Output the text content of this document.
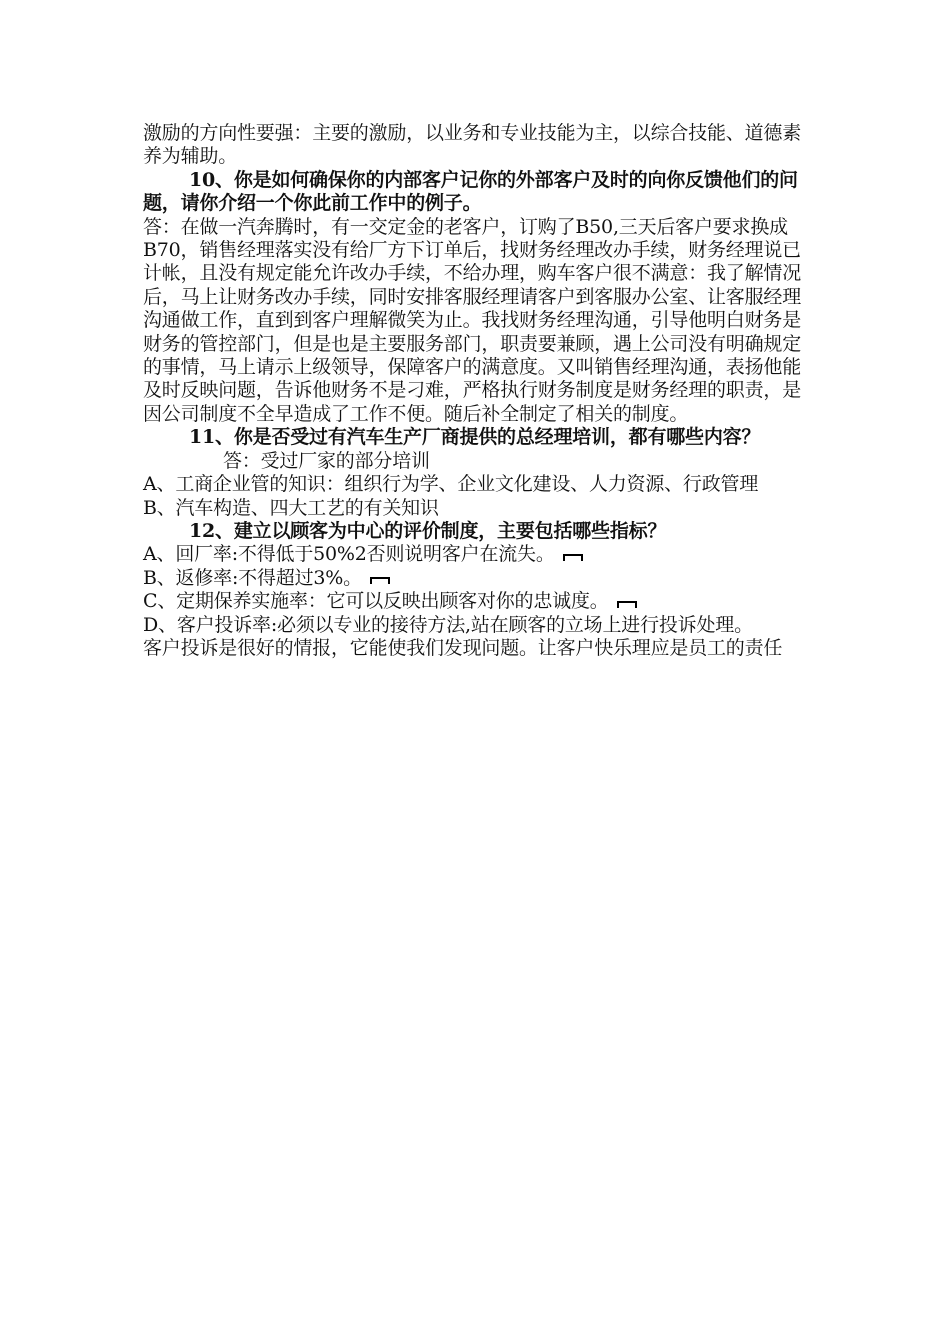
激励的方向性要强：主要的激励，以业务和专业技能为主，以综合技能、道德素养为辅助。

10、你是如何确保你的内部客户记你的外部客户及时的向你反馈他们的问题，请你介绍一个你此前工作中的例子。

答：在做一汽奔腾时，有一交定金的老客户，订购了B50,三天后客户要求换成B70，销售经理落实没有给厂方下订单后，找财务经理改办手续，财务经理说已计帐，且没有规定能允许改办手续，不给办理，购车客户很不满意：我了解情况后，马上让财务改办手续，同时安排客服经理请客户到客服办公室、让客服经理沟通做工作，直到到客户理解微笑为止。我找财务经理沟通，引导他明白财务是财务的管控部门，但是也是主要服务部门，职责要兼顾，遇上公司没有明确规定的事情，马上请示上级领导，保障客户的满意度。又叫销售经理沟通，表扬他能及时反映问题，告诉他财务不是刁难，严格执行财务制度是财务经理的职责，是因公司制度不全早造成了工作不便。随后补全制定了相关的制度。

11、你是否受过有汽车生产厂商提供的总经理培训，都有哪些内容？

答：受过厂家的部分培训

A、工商企业管的知识：组织行为学、企业文化建设、人力资源、行政管理

B、汽车构造、四大工艺的有关知识

12、建立以顾客为中心的评价制度，主要包括哪些指标？

A、回厂率:不得低于50%2否则说明客户在流失。

B、返修率:不得超过3%。

C、定期保养实施率：它可以反映出顾客对你的忠诚度。

D、客户投诉率:必须以专业的接待方法,站在顾客的立场上进行投诉处理。

客户投诉是很好的情报，它能使我们发现问题。让客户快乐理应是员工的责任
